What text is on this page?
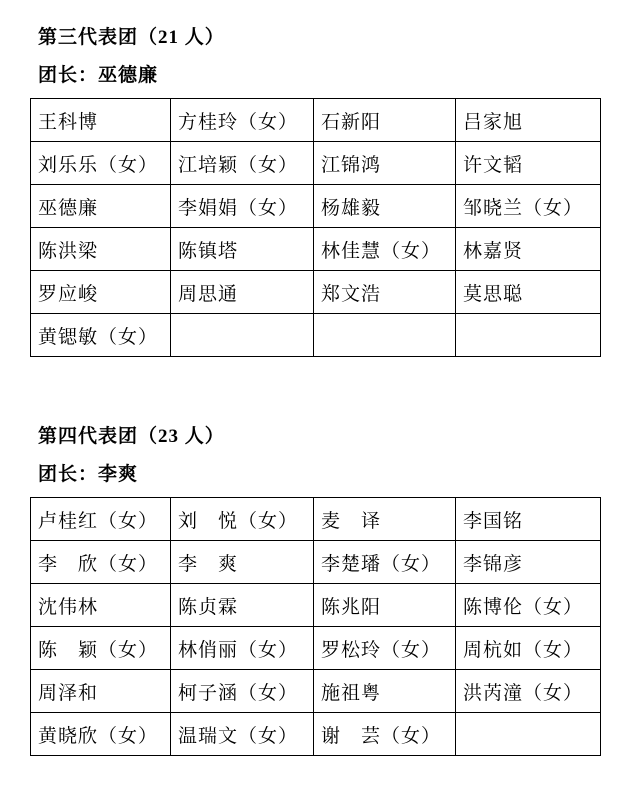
第三代表团（21 人）

团长：巫德廉

王科博	方桂玲（女）	石新阳	吕家旭
刘乐乐（女）	江培颖（女）	江锦鸿	许文韬
巫德廉	李娟娟（女）	杨雄毅	邹晓兰（女）
陈洪梁	陈镇塔	林佳慧（女）	林嘉贤
罗应峻	周思通	郑文浩	莫思聪
黄锶敏（女）			
第四代表团（23 人）

团长：李爽

卢桂红（女）	刘　悦（女）	麦　译	李国铭
李　欣（女）	李　爽	李楚璠（女）	李锦彦
沈伟林	陈贞霖	陈兆阳	陈博伦（女）
陈　颖（女）	林俏丽（女）	罗松玲（女）	周杭如（女）
周泽和	柯子涵（女）	施祖粤	洪芮潼（女）
黄晓欣（女）	温瑞文（女）	谢　芸（女）	
